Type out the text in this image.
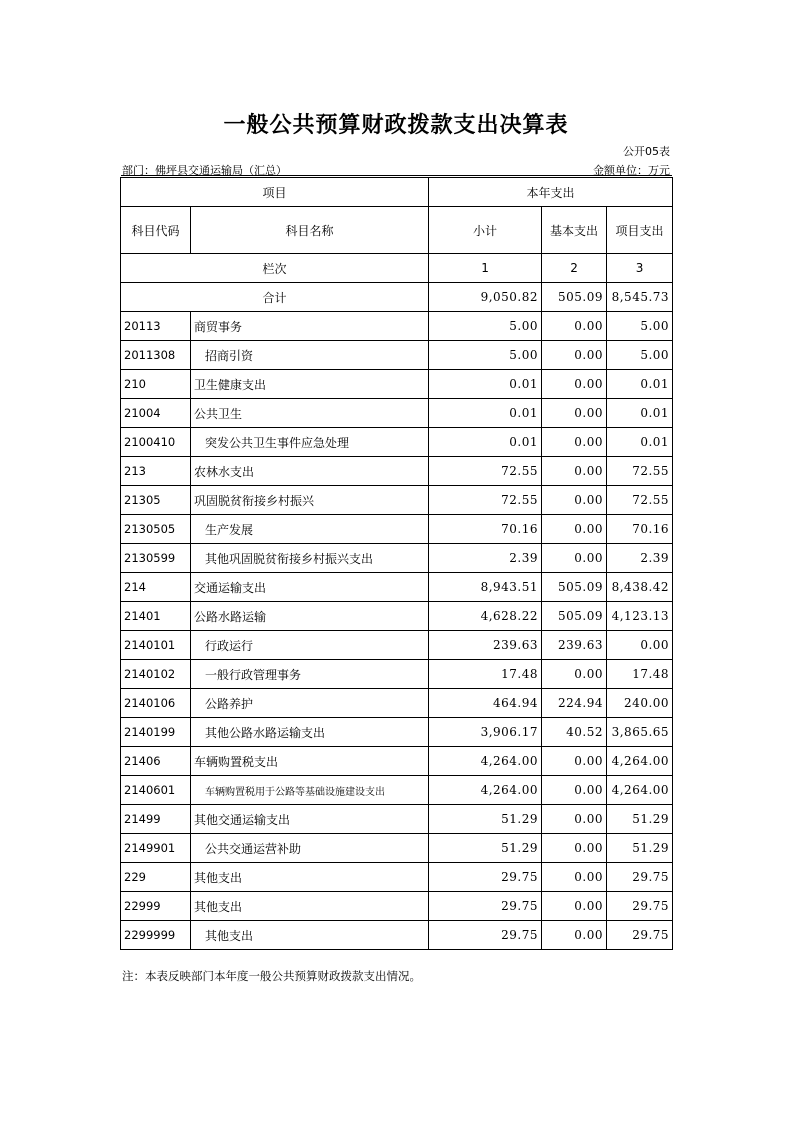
一般公共预算财政拨款支出决算表
公开05表
部门：佛坪县交通运输局（汇总）	金额单位：万元
项目		本年支出		
科目代码	科目名称	小计	基本支出	项目支出
栏次		1	2	3
合计		9,050.82	505.09	8,545.73
20113	商贸事务	5.00	0.00	5.00
2011308	招商引资	5.00	0.00	5.00
210	卫生健康支出	0.01	0.00	0.01
21004	公共卫生	0.01	0.00	0.01
2100410	突发公共卫生事件应急处理	0.01	0.00	0.01
213	农林水支出	72.55	0.00	72.55
21305	巩固脱贫衔接乡村振兴	72.55	0.00	72.55
2130505	生产发展	70.16	0.00	70.16
2130599	其他巩固脱贫衔接乡村振兴支出	2.39	0.00	2.39
214	交通运输支出	8,943.51	505.09	8,438.42
21401	公路水路运输	4,628.22	505.09	4,123.13
2140101	行政运行	239.63	239.63	0.00
2140102	一般行政管理事务	17.48	0.00	17.48
2140106	公路养护	464.94	224.94	240.00
2140199	其他公路水路运输支出	3,906.17	40.52	3,865.65
21406	车辆购置税支出	4,264.00	0.00	4,264.00
2140601	车辆购置税用于公路等基础设施建设支出	4,264.00	0.00	4,264.00
21499	其他交通运输支出	51.29	0.00	51.29
2149901	公共交通运营补助	51.29	0.00	51.29
229	其他支出	29.75	0.00	29.75
22999	其他支出	29.75	0.00	29.75
2299999	其他支出	29.75	0.00	29.75
注：本表反映部门本年度一般公共预算财政拨款支出情况。
